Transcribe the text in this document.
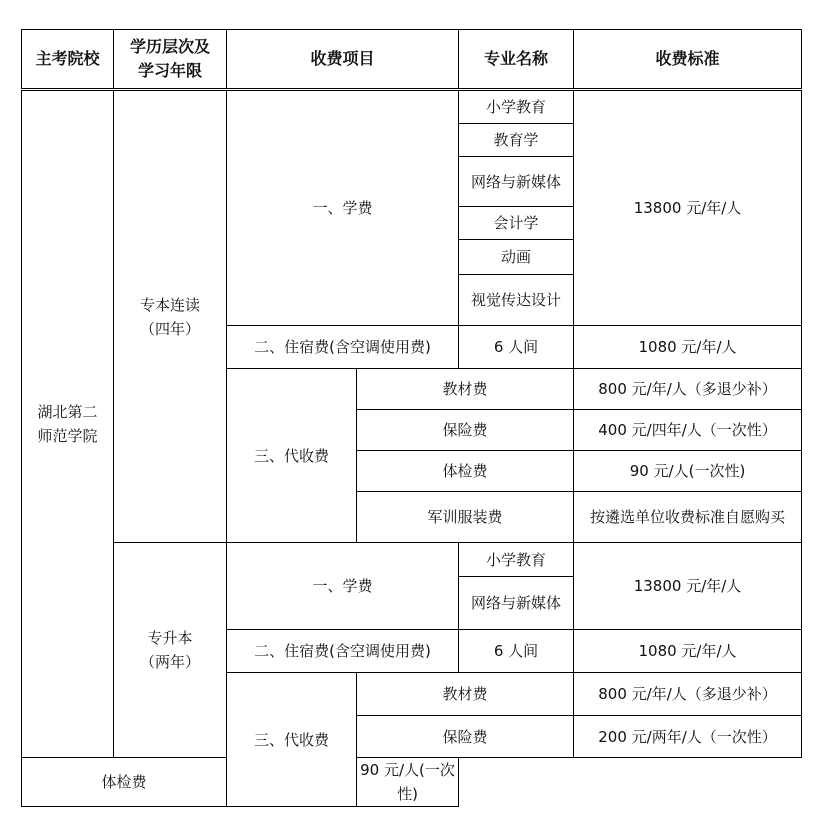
主考院校	学历层次及学习年限	收费项目		专业名称	收费标准
湖北第二师范学院	专本连读（四年）	一、学费		小学教育	13800 元/年/人
				教育学	
				网络与新媒体	
				会计学	
				动画	
				视觉传达设计	
		二、住宿费(含空调使用费)		6 人间	1080 元/年/人
		三、代收费	教材费		800 元/年/人（多退少补）
			保险费		400 元/四年/人（一次性）
			体检费		90 元/人(一次性)
			军训服装费		按遴选单位收费标准自愿购买
	专升本（两年）	一、学费		小学教育	13800 元/年/人
				网络与新媒体	
		二、住宿费(含空调使用费)		6 人间	1080 元/年/人
		三、代收费	教材费		800 元/年/人（多退少补）
			保险费		200 元/两年/人（一次性）
体检费			90 元/人(一次性)		
